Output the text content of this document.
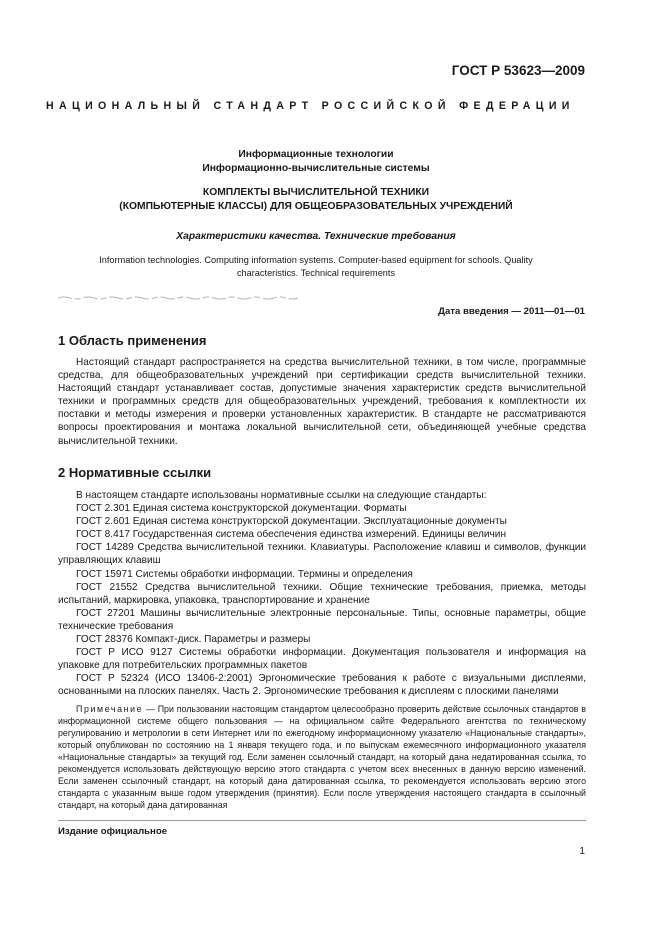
ГОСТ Р 53623—2009
НАЦИОНАЛЬНЫЙ СТАНДАРТ РОССИЙСКОЙ ФЕДЕРАЦИИ
Информационные технологии
Информационно-вычислительные системы
КОМПЛЕКТЫ ВЫЧИСЛИТЕЛЬНОЙ ТЕХНИКИ
(КОМПЬЮТЕРНЫЕ КЛАССЫ) ДЛЯ ОБЩЕОБРАЗОВАТЕЛЬНЫХ УЧРЕЖДЕНИЙ
Характеристики качества. Технические требования
Information technologies. Computing information systems. Computer-based equipment for schools. Quality
characteristics. Technical requirements
Дата введения — 2011—01—01
1 Область применения

Настоящий стандарт распространяется на средства вычислительной техники, в том числе, программные средства, для общеобразовательных учреждений при сертификации средств вычислительной техники. Настоящий стандарт устанавливает состав, допустимые значения характеристик средств вычислительной техники и программных средств для общеобразовательных учреждений, требования к комплектности их поставки и методы измерения и проверки установленных характеристик. В стандарте не рассматриваются вопросы проектирования и монтажа локальной вычислительной сети, объединяющей учебные средства вычислительной техники.

2 Нормативные ссылки

В настоящем стандарте использованы нормативные ссылки на следующие стандарты:

ГОСТ 2.301 Единая система конструкторской документации. Форматы

ГОСТ 2.601 Единая система конструкторской документации. Эксплуатационные документы

ГОСТ 8.417 Государственная система обеспечения единства измерений. Единицы величин

ГОСТ 14289 Средства вычислительной техники. Клавиатуры. Расположение клавиш и символов, функции управляющих клавиш

ГОСТ 15971 Системы обработки информации. Термины и определения

ГОСТ 21552 Средства вычислительной техники. Общие технические требования, приемка, методы испытаний, маркировка, упаковка, транспортирование и хранение

ГОСТ 27201 Машины вычислительные электронные персональные. Типы, основные параметры, общие технические требования

ГОСТ 28376 Компакт-диск. Параметры и размеры

ГОСТ Р ИСО 9127 Системы обработки информации. Документация пользователя и информация на упаковке для потребительских программных пакетов

ГОСТ Р 52324 (ИСО 13406-2:2001) Эргономические требования к работе с визуальными дисплеями, основанными на плоских панелях. Часть 2. Эргономические требования к дисплеям с плоскими панелями

Примечание — При пользовании настоящим стандартом целесообразно проверить действие ссылочных стандартов в информационной системе общего пользования — на официальном сайте Федерального агентства по техническому регулированию и метрологии в сети Интернет или по ежегодному информационному указателю «Национальные стандарты», который опубликован по состоянию на 1 января текущего года, и по выпускам ежемесячного информационного указателя «Национальные стандарты» за текущий год. Если заменен ссылочный стандарт, на который дана недатированная ссылка, то рекомендуется использовать действующую версию этого стандарта с учетом всех внесенных в данную версию изменений. Если заменен ссылочный стандарт, на который дана датированная ссылка, то рекомендуется использовать версию этого стандарта с указанным выше годом утверждения (принятия). Если после утверждения настоящего стандарта в ссылочный стандарт, на который дана датированная

Издание официальное
1
